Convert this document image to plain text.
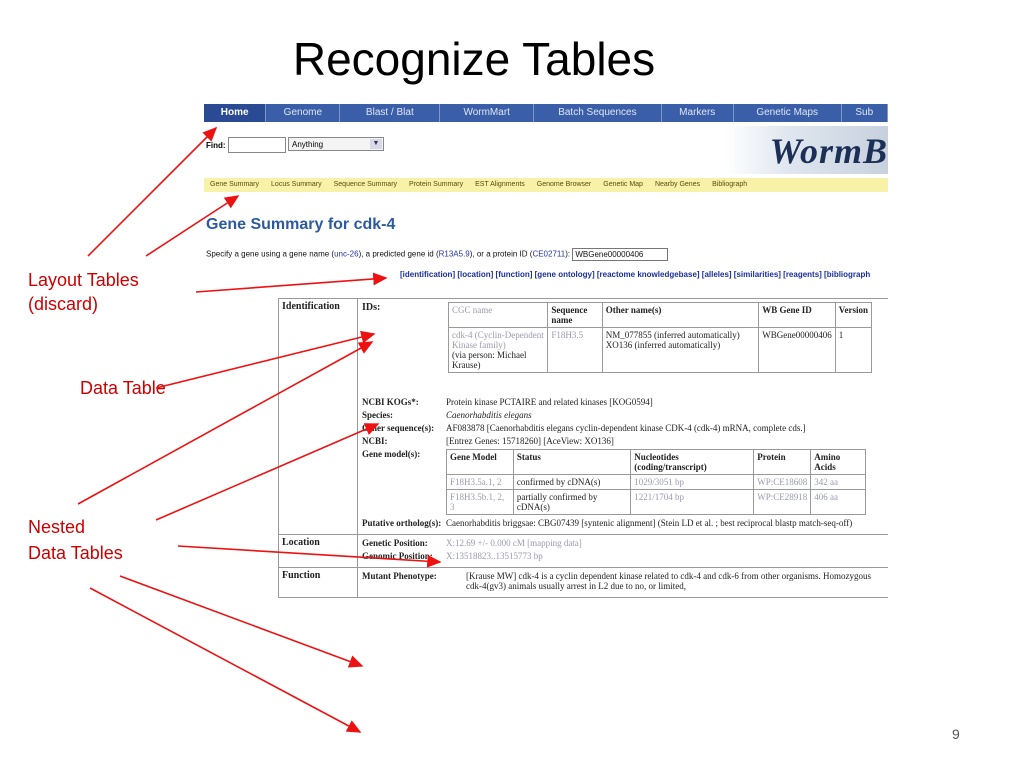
Recognize Tables
Layout Tables
(discard)
Data Table
Nested
Data Tables
Home	Genome	Blast / Blat	WormMart	Batch Sequences	Markers	Genetic Maps	Sub
WormB
Find:	Anything	▼
Gene Summary	Locus Summary	Sequence Summary	Protein Summary	EST Alignments	Genome Browser	Genetic Map	Nearby Genes	Bibliograph
Gene Summary for cdk-4
Specify a gene using a gene name (unc-26), a predicted gene id (R13A5.9), or a protein ID (CE02711): WBGene00000406
[identification] [location] [function] [gene ontology] [reactome knowledgebase] [alleles] [similarities] [reagents] [bibliograph
Identification	IDs:	CGC name	Sequence name	Other name(s)	WB Gene ID	Version
cdk-4 (Cyclin-Dependent Kinase family)
(via person: Michael Krause)	F18H3.5	NM_077855 (inferred automatically) XO136 (inferred automatically)	WBGene00000406	1
NCBI KOGs*:	Protein kinase PCTAIRE and related kinases [KOG0594]
Species:	Caenorhabditis elegans
Other sequence(s):	AF083878 [Caenorhabditis elegans cyclin-dependent kinase CDK-4 (cdk-4) mRNA, complete cds.]
NCBI:	[Entrez Genes: 15718260] [AceView: XO136]
Gene model(s):	Gene Model	Status	Nucleotides (coding/transcript)	Protein	Amino Acids
F18H3.5a.1, 2	confirmed by cDNA(s)	1029/3051 bp	WP:CE18608	342 aa
F18H3.5b.1, 2, 3	partially confirmed by cDNA(s)	1221/1704 bp	WP:CE28918	406 aa
Putative ortholog(s): Caenorhabditis briggsae: CBG07439 [syntenic alignment] (Stein LD et al. ; best reciprocal blastp match-seq-off)

Location	Genetic Position:	X:12.69 +/- 0.000 cM [mapping data]
Genomic Position:	X:13518823..13515773 bp

Function	Mutant Phenotype:	[Krause MW] cdk-4 is a cyclin dependent kinase related to cdk-4 and cdk-6 from other organisms. Homozygous cdk-4(gv3) animals usually arrest in L2 due to no, or limited,
9
